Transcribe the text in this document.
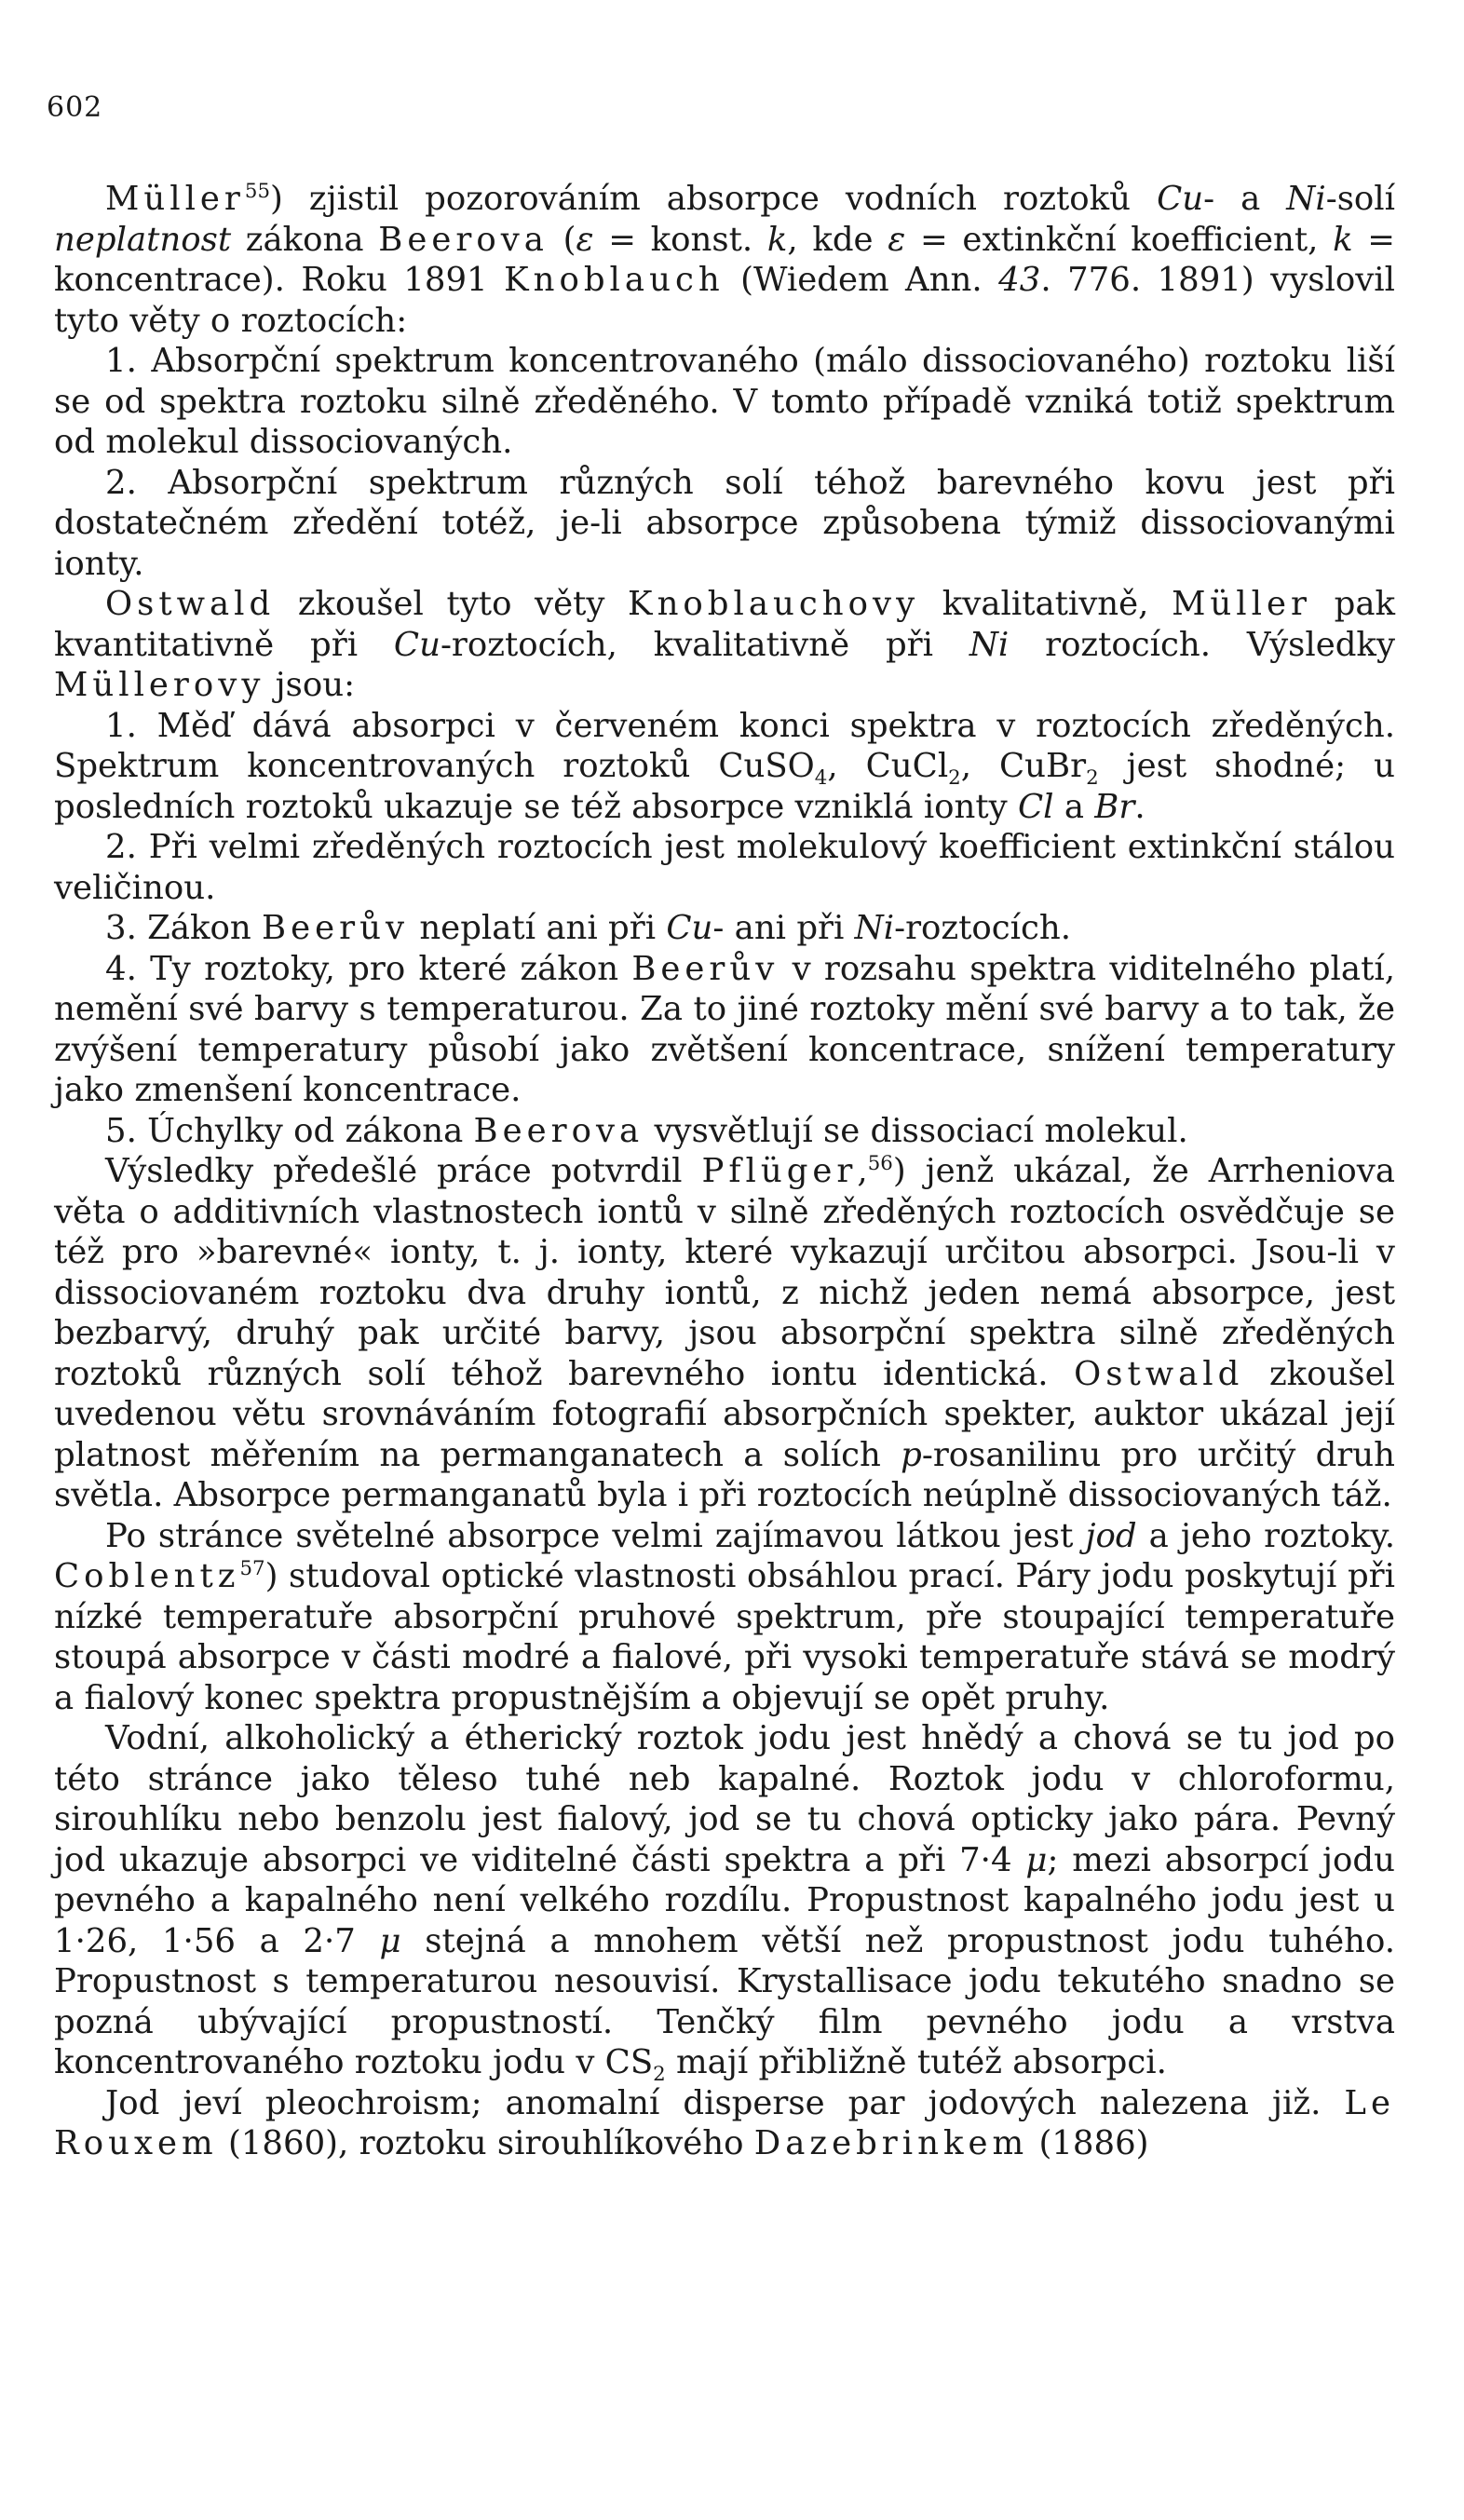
602

Müller$^{55}$) zjistil pozorováním absorpce vodních roztoků Cu- a Ni-solí neplatnost zákona Beerova (ε = konst. k, kde ε = extinkční koefficient, k = koncentrace). Roku 1891 Knoblauch (Wiedem Ann. 43. 776. 1891) vyslovil tyto věty o roztocích:

1. Absorpční spektrum koncentrovaného (málo dissociovaného) roztoku liší se od spektra roztoku silně zředěného. V tomto případě vzniká totiž spektrum od molekul dissociovaných.

2. Absorpční spektrum různých solí téhož barevného kovu jest při dostatečném zředění totéž, je-li absorpce způsobena týmiž dissociovanými ionty.

Ostwald zkoušel tyto věty Knoblauchovy kvalitativně, Müller pak kvantitativně při Cu-roztocích, kvalitativně při Ni roztocích. Výsledky Müllerovy jsou:

1. Měď dává absorpci v červeném konci spektra v roztocích zředěných. Spektrum koncentrovaných roztoků CuSO$_4$, CuCl$_2$, CuBr$_2$ jest shodné; u posledních roztoků ukazuje se též absorpce vzniklá ionty Cl a Br.

2. Při velmi zředěných roztocích jest molekulový koefficient extinkční stálou veličinou.

3. Zákon Beerův neplatí ani při Cu- ani při Ni-roztocích.

4. Ty roztoky, pro které zákon Beerův v rozsahu spektra viditelného platí, nemění své barvy s temperaturou. Za to jiné roztoky mění své barvy a to tak, že zvýšení temperatury působí jako zvětšení koncentrace, snížení temperatury jako zmenšení koncentrace.

5. Úchylky od zákona Beerova vysvětlují se dissociací molekul.

Výsledky předešlé práce potvrdil Pflüger,$^{56}$) jenž ukázal, že Arrheniova věta o additivních vlastnostech iontů v silně zředěných roztocích osvědčuje se též pro »barevné« ionty, t. j. ionty, které vykazují určitou absorpci. Jsou-li v dissociovaném roztoku dva druhy iontů, z nichž jeden nemá absorpce, jest bezbarvý, druhý pak určité barvy, jsou absorpční spektra silně zředěných roztoků různých solí téhož barevného iontu identická. Ostwald zkoušel uvedenou větu srovnáváním fotografií absorpčních spekter, auktor ukázal její platnost měřením na permanganatech a solích p-rosanilinu pro určitý druh světla. Absorpce permanganatů byla i při roztocích neúplně dissociovaných táž.

Po stránce světelné absorpce velmi zajímavou látkou jest jod a jeho roztoky. Coblentz$^{57}$) studoval optické vlastnosti obsáhlou prací. Páry jodu poskytují při nízké temperatuře absorpční pruhové spektrum, pře stoupající temperatuře stoupá absorpce v části modré a fialové, při vysoki temperatuře stává se modrý a fialový konec spektra propustnějším a objevují se opět pruhy.

Vodní, alkoholický a étherický roztok jodu jest hnědý a chová se tu jod po této stránce jako těleso tuhé neb kapalné. Roztok jodu v chloroformu, sirouhlíku nebo benzolu jest fialový, jod se tu chová opticky jako pára. Pevný jod ukazuje absorpci ve viditelné části spektra a při 7·4 μ; mezi absorpcí jodu pevného a kapalného není velkého rozdílu. Propustnost kapalného jodu jest u 1·26, 1·56 a 2·7 μ stejná a mnohem větší než propustnost jodu tuhého. Propustnost s temperaturou nesouvisí. Krystallisace jodu tekutého snadno se pozná ubývající propustností. Tenčký film pevného jodu a vrstva koncentrovaného roztoku jodu v $CS_2$ mají přibližně tutéž absorpci.

Jod jeví pleochroism; anomalní disperse par jodových nalezena již. Le Rouxem (1860), roztoku sirouhlíkového Dazebrinkem (1886)
